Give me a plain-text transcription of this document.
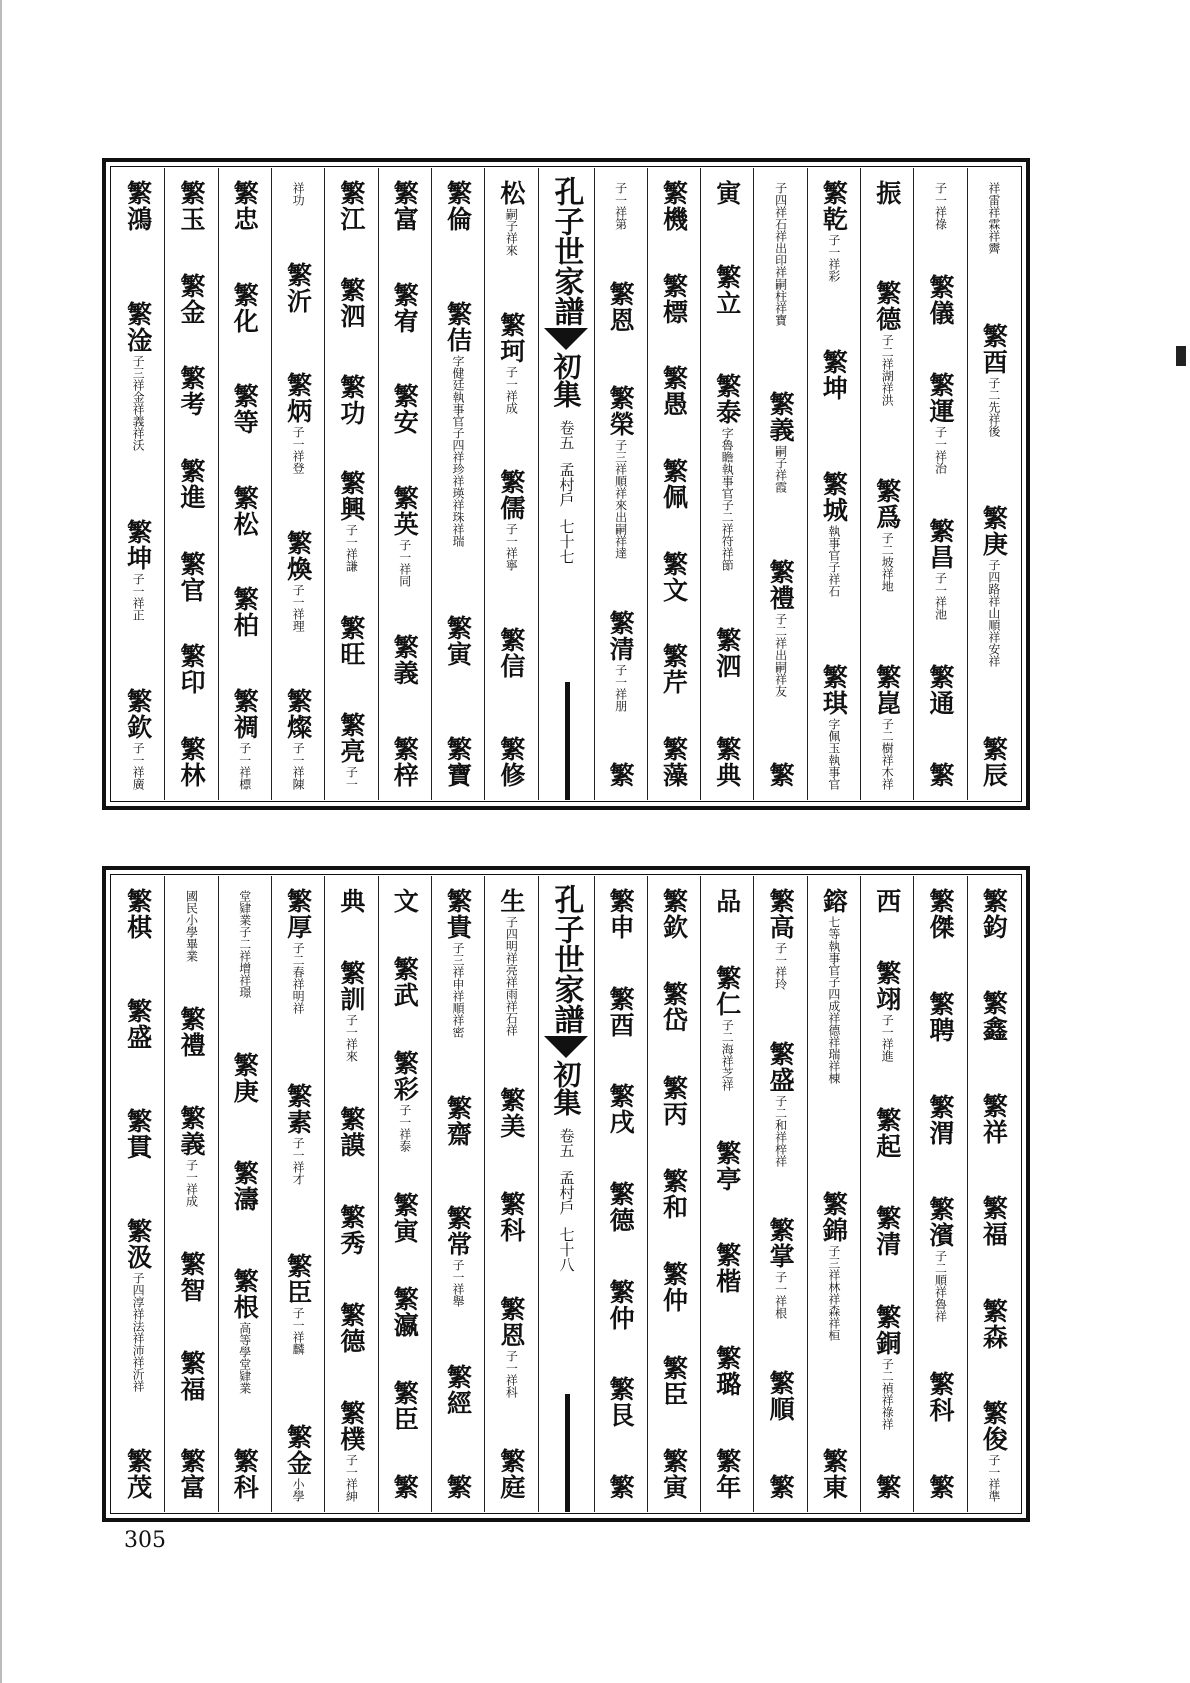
祥雷祥霖祥霽
繁酉
子二先祥後
繁庚
子四路祥山順祥安祥
繁辰
子一祥祿
繁儀
繁運
子一祥治
繁昌
子一祥池
繁通
繁
振
繁德
子二祥湖祥洪
繁爲
子二坡祥地
繁崑
子二樹祥木祥
繁乾
子一祥彩
繁坤
繁城
執事官子祥石
繁琪
字佩玉執事官
子四祥石祥出印祥嗣柱祥寶
繁義
嗣子祥霞
繁禮
子二祥出嗣祥友
繁
寅
繁立
繁泰
字魯瞻執事官子二祥符祥節
繁泗
繁典
繁機
繁標
繁愚
繁佩
繁文
繁芹
繁藻
子一祥第
繁恩
繁榮
子三祥順祥來出嗣祥達
繁清
子一祥朋
繁
孔子世家譜
初集
卷五
孟村戶
七十七
松
嗣子祥來
繁珂
子一祥成
繁儒
子一祥寧
繁信
繁修
繁倫
繁佶
字健廷執事官子四祥珍祥瑛祥珠祥瑞
繁寅
繁寶
繁富
繁宥
繁安
繁英
子一祥同
繁義
繁梓
繁江
繁泗
繁功
繁興
子一祥謙
繁旺
繁亮
子一
祥功
繁沂
繁炳
子一祥登
繁煥
子一祥理
繁燦
子一祥陳
繁忠
繁化
繁等
繁松
繁柏
繁禂
子一祥標
繁玉
繁金
繁考
繁進
繁官
繁印
繁林
繁鴻
繁淦
子三祥金祥義祥沃
繁坤
子一祥正
繁欽
子一祥廣
繁鈞
繁鑫
繁祥
繁福
繁森
繁俊
子一祥準
繁傑
繁聘
繁渭
繁濱
子二順祥魯祥
繁科
繁
西
繁翊
子一祥進
繁起
繁清
繁銅
子二禎祥祿祥
繁
鎔
七等執事官子四成祥德祥瑞祥棟
繁錦
子三祥林祥森祥桓
繁東
繁高
子一祥玲
繁盛
子二和祥梓祥
繁掌
子一祥根
繁順
繁
品
繁仁
子二海祥芝祥
繁亭
繁楷
繁璐
繁年
繁欽
繁岱
繁丙
繁和
繁仲
繁臣
繁寅
繁申
繁酉
繁戌
繁德
繁仲
繁艮
繁
孔子世家譜
初集
卷五
孟村戶
七十八
生
子四明祥亮祥雨祥石祥
繁美
繁科
繁恩
子一祥科
繁庭
繁貴
子三祥申祥順祥密
繁齋
繁常
子一祥舉
繁經
繁
文
繁武
繁彩
子一祥泰
繁寅
繁瀛
繁臣
繁
典
繁訓
子一祥來
繁謨
繁秀
繁德
繁樸
子一祥紳
繁厚
子二春祥明祥
繁素
子一祥才
繁臣
子一祥麟
繁金
小學
堂肄業子二祥增祥璟
繁庚
繁濤
繁根
高等學堂肄業
繁科
國民小學畢業
繁禮
繁義
子一祥成
繁智
繁福
繁富
繁棋
繁盛
繁貫
繁汲
子四淳祥法祥沛祥沂祥
繁茂
305
